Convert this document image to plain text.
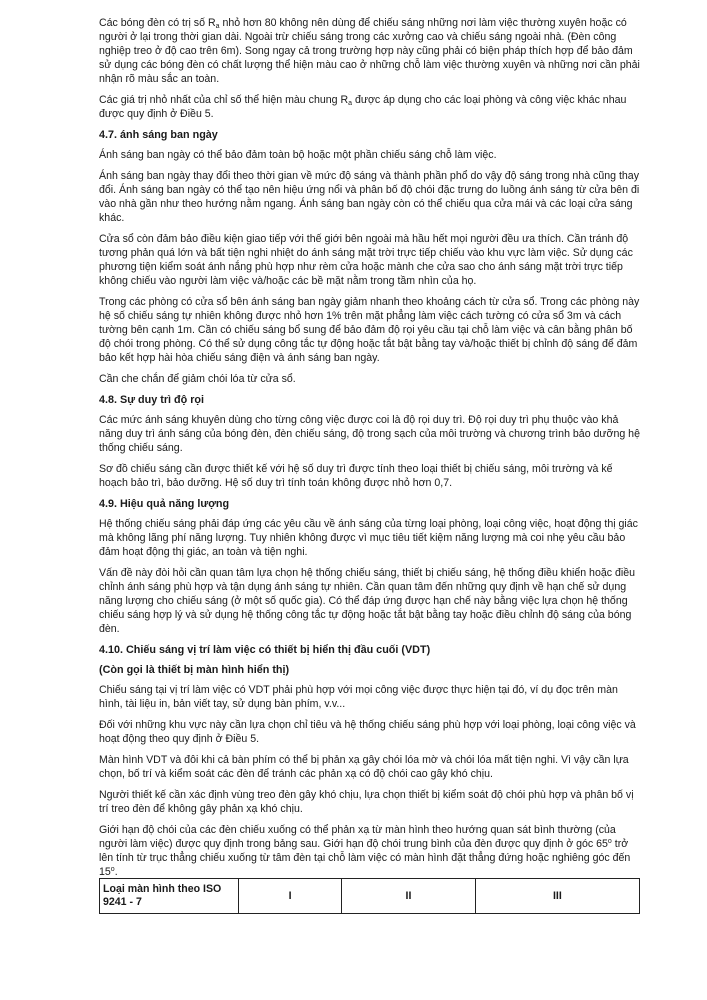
Các bóng đèn có trị số $R_a$ nhỏ hơn 80 không nên dùng để chiếu sáng những nơi làm việc thường xuyên hoặc có người ở lại trong thời gian dài. Ngoài trừ chiếu sáng trong các xưởng cao và chiếu sáng ngoài nhà. (Đèn công nghiệp treo ở độ cao trên 6m). Song ngay cả trong trường hợp này cũng phải có biện pháp thích hợp để bảo đảm sử dụng các bóng đèn có chất lượng thể hiện màu cao ở những chỗ làm việc thường xuyên và những nơi cần phải nhận rõ màu sắc an toàn.

Các giá trị nhỏ nhất của chỉ số thể hiện màu chung $R_a$ được áp dụng cho các loại phòng và công việc khác nhau được quy định ở Điều 5.

4.7. ánh sáng ban ngày

Ánh sáng ban ngày có thể bảo đảm toàn bộ hoặc một phần chiếu sáng chỗ làm việc.

Ánh sáng ban ngày thay đổi theo thời gian về mức độ sáng và thành phần phổ do vậy độ sáng trong nhà cũng thay đổi. Ánh sáng ban ngày có thể tạo nên hiệu ứng nổi và phân bố độ chói đặc trưng do luồng ánh sáng từ cửa bên đi vào nhà gần như theo hướng nằm ngang. Ánh sáng ban ngày còn có thể chiếu qua cửa mái và các loại cửa sáng khác.

Cửa sổ còn đảm bảo điều kiện giao tiếp với thế giới bên ngoài mà hầu hết mọi người đều ưa thích. Cần tránh độ tương phản quá lớn và bất tiện nghi nhiệt do ánh sáng mặt trời trực tiếp chiếu vào khu vực làm việc. Sử dụng các phương tiện kiểm soát ánh nắng phù hợp như rèm cửa hoặc mành che cửa sao cho ánh sáng mặt trời trực tiếp không chiếu vào người làm việc và/hoặc các bề mặt nằm trong tầm nhìn của họ.

Trong các phòng có cửa sổ bên ánh sáng ban ngày giảm nhanh theo khoảng cách từ cửa sổ. Trong các phòng này hệ số chiếu sáng tự nhiên không được nhỏ hơn 1% trên mặt phẳng làm việc cách tường có cửa sổ 3m và cách tường bên cạnh 1m. Cần có chiếu sáng bổ sung để bảo đảm độ rọi yêu cầu tại chỗ làm việc và cân bằng phân bố độ chói trong phòng. Có thể sử dụng công tắc tự động hoặc tắt bật bằng tay và/hoặc thiết bị chỉnh độ sáng để đảm bảo kết hợp hài hòa chiếu sáng điện và ánh sáng ban ngày.

Cần che chắn để giảm chói lóa từ cửa sổ.

4.8. Sự duy trì độ rọi

Các mức ánh sáng khuyên dùng cho từng công việc được coi là độ rọi duy trì. Độ rọi duy trì phụ thuộc vào khả năng duy trì ánh sáng của bóng đèn, đèn chiếu sáng, độ trong sạch của môi trường và chương trình bảo dưỡng hệ thống chiếu sáng.

Sơ đồ chiếu sáng cần được thiết kế với hệ số duy trì được tính theo loại thiết bị chiếu sáng, môi trường và kế hoạch bảo trì, bảo dưỡng. Hệ số duy trì tính toán không được nhỏ hơn 0,7.

4.9. Hiệu quả năng lượng

Hệ thống chiếu sáng phải đáp ứng các yêu cầu về ánh sáng của từng loại phòng, loại công việc, hoạt động thị giác mà không lãng phí năng lượng. Tuy nhiên không được vì mục tiêu tiết kiệm năng lượng mà coi nhẹ yêu cầu bảo đảm hoạt động thị giác, an toàn và tiện nghi.

Vấn đề này đòi hỏi cần quan tâm lựa chọn hệ thống chiếu sáng, thiết bị chiếu sáng, hệ thống điều khiển hoặc điều chỉnh ánh sáng phù hợp và tận dụng ánh sáng tự nhiên. Cần quan tâm đến những quy định về hạn chế sử dụng năng lượng cho chiếu sáng (ở một số quốc gia). Có thể đáp ứng được hạn chế này bằng việc lựa chọn hệ thống chiếu sáng hợp lý và sử dụng hệ thống công tắc tự động hoặc tắt bật bằng tay hoặc điều chỉnh độ sáng của bóng đèn.

4.10. Chiếu sáng vị trí làm việc có thiết bị hiển thị đầu cuối (VDT)
(Còn gọi là thiết bị màn hình hiển thị)

Chiếu sáng tại vị trí làm việc có VDT phải phù hợp với mọi công việc được thực hiện tại đó, ví dụ đọc trên màn hình, tài liệu in, bản viết tay, sử dụng bàn phím, v.v...

Đối với những khu vực này cần lựa chọn chỉ tiêu và hệ thống chiếu sáng phù hợp với loại phòng, loại công việc và hoạt động theo quy định ở Điều 5.

Màn hình VDT và đôi khi cả bàn phím có thể bị phản xạ gây chói lóa mờ và chói lóa mất tiện nghi. Vì vậy cần lựa chọn, bố trí và kiểm soát các đèn để tránh các phản xạ có độ chói cao gây khó chịu.

Người thiết kế cần xác định vùng treo đèn gây khó chịu, lựa chọn thiết bị kiểm soát độ chói phù hợp và phân bố vị trí treo đèn để không gây phản xạ khó chịu.

Giới hạn độ chói của các đèn chiếu xuống có thể phản xạ từ màn hình theo hướng quan sát bình thường (của người làm việc) được quy định trong bảng sau. Giới hạn độ chói trung bình của đèn được quy định ở góc 65$^o$ trở lên tính từ trục thẳng chiếu xuống từ tâm đèn tại chỗ làm việc có màn hình đặt thẳng đứng hoặc nghiêng góc đến 15$^o$.

Loại màn hình theo ISO 9241 - 7	I	II	III
